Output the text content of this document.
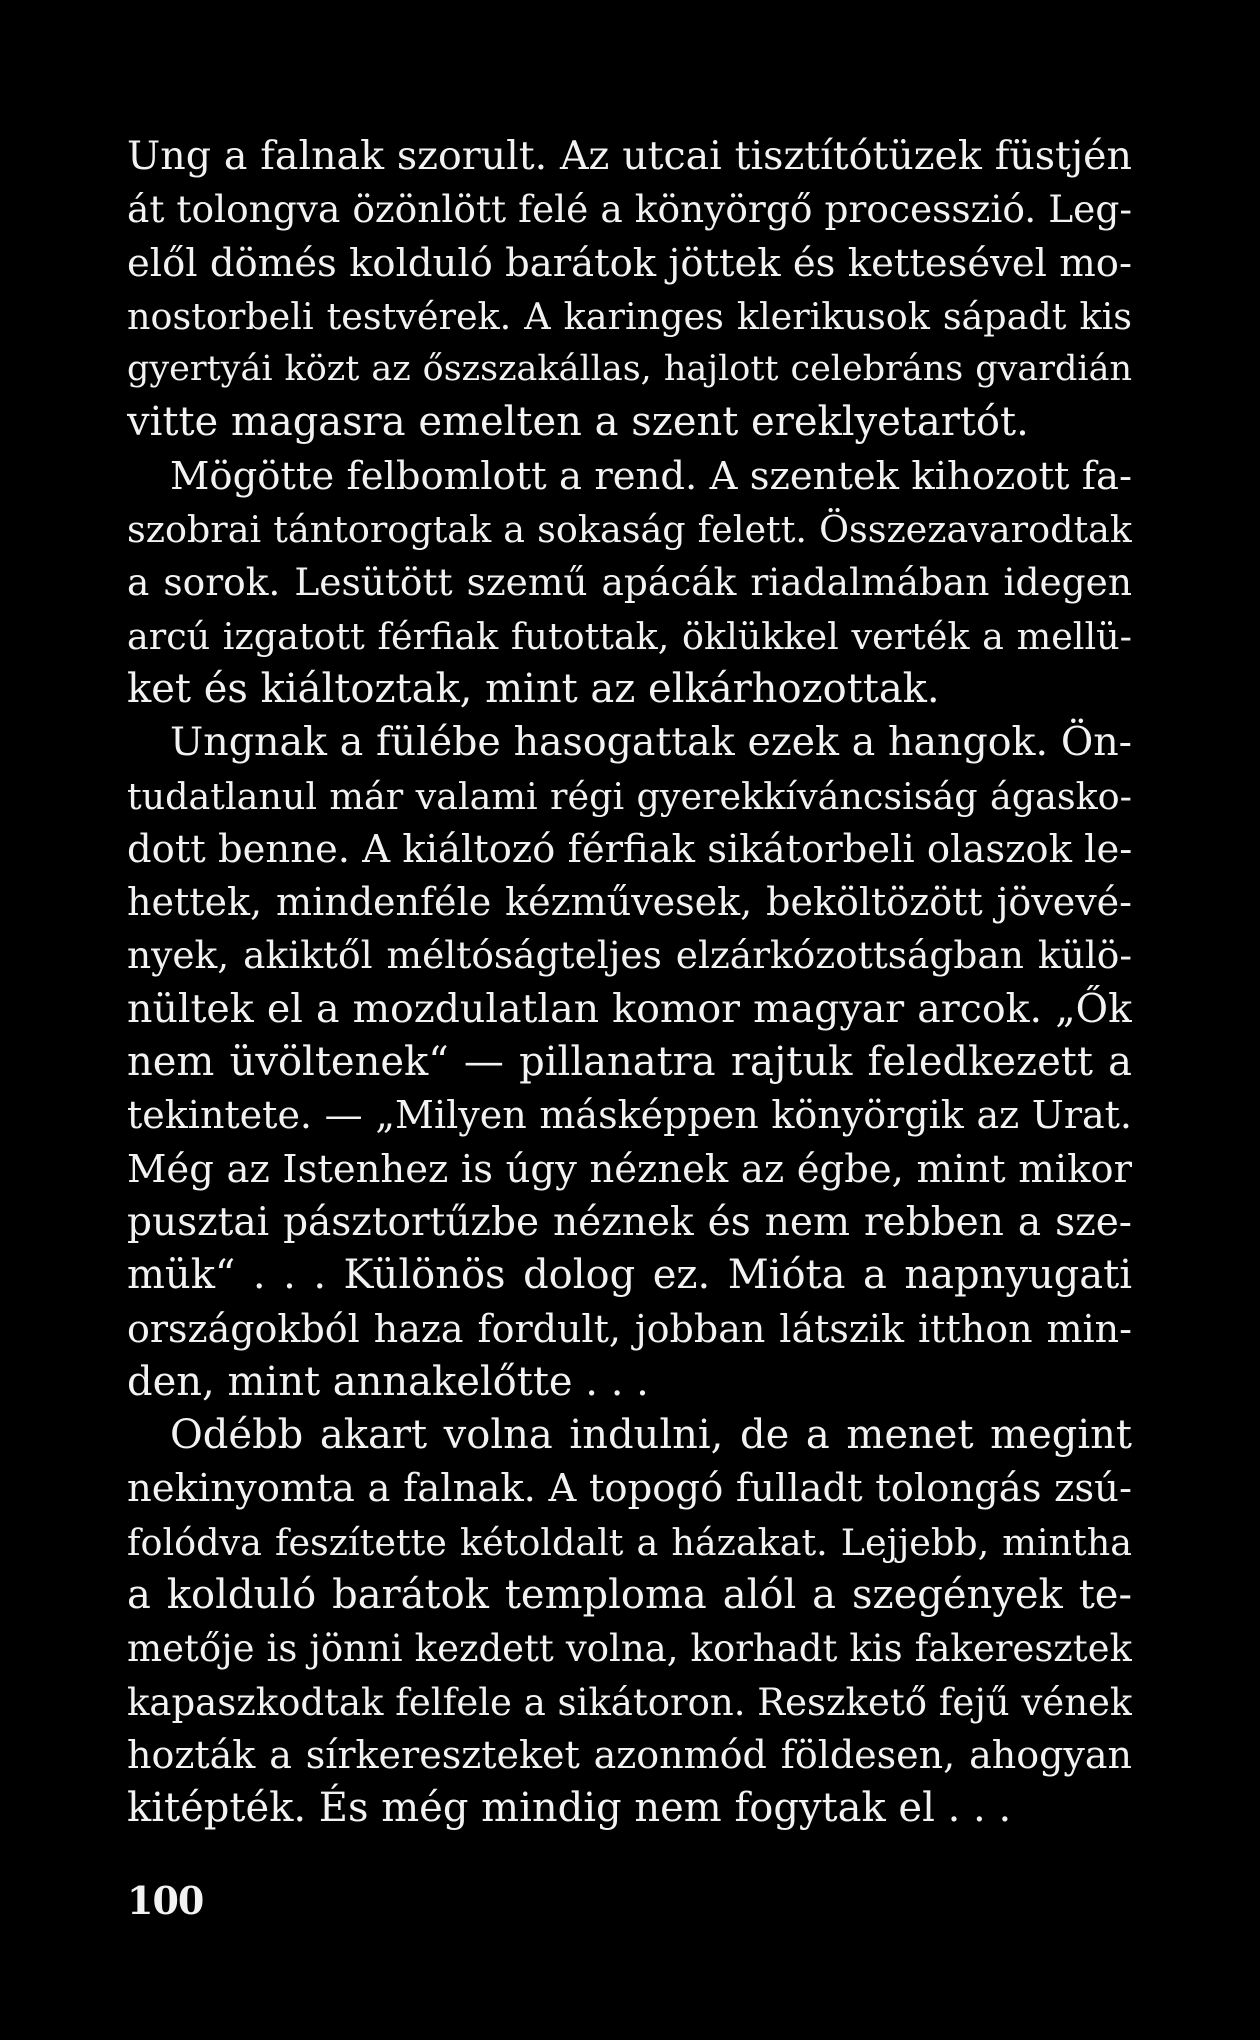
Ung a falnak szorult. Az utcai tisztítótüzek füstjén
át tolongva özönlött felé a könyörgő processzió. Leg-
elől dömés kolduló barátok jöttek és kettesével mo-
nostorbeli testvérek. A karinges klerikusok sápadt kis
gyertyái közt az őszszakállas, hajlott celebráns gvardián
vitte magasra emelten a szent ereklyetartót.
Mögötte felbomlott a rend. A szentek kihozott fa-
szobrai tántorogtak a sokaság felett. Összezavarodtak
a sorok. Lesütött szemű apácák riadalmában idegen
arcú izgatott férfiak futottak, öklükkel verték a mellü-
ket és kiáltoztak, mint az elkárhozottak.
Ungnak a fülébe hasogattak ezek a hangok. Ön-
tudatlanul már valami régi gyerekkíváncsiság ágasko-
dott benne. A kiáltozó férfiak sikátorbeli olaszok le-
hettek, mindenféle kézművesek, beköltözött jövevé-
nyek, akiktől méltóságteljes elzárkózottságban külö-
nültek el a mozdulatlan komor magyar arcok. „Ők
nem üvöltenek“ — pillanatra rajtuk feledkezett a
tekintete. — „Milyen másképpen könyörgik az Urat.
Még az Istenhez is úgy néznek az égbe, mint mikor
pusztai pásztortűzbe néznek és nem rebben a sze-
mük“ . . . Különös dolog ez. Mióta a napnyugati
országokból haza fordult, jobban látszik itthon min-
den, mint annakelőtte . . .
Odébb akart volna indulni, de a menet megint
nekinyomta a falnak. A topogó fulladt tolongás zsú-
folódva feszítette kétoldalt a házakat. Lejjebb, mintha
a kolduló barátok temploma alól a szegények te-
metője is jönni kezdett volna, korhadt kis fakeresztek
kapaszkodtak felfele a sikátoron. Reszkető fejű vének
hozták a sírkereszteket azonmód földesen, ahogyan
kitépték. És még mindig nem fogytak el . . .
100
